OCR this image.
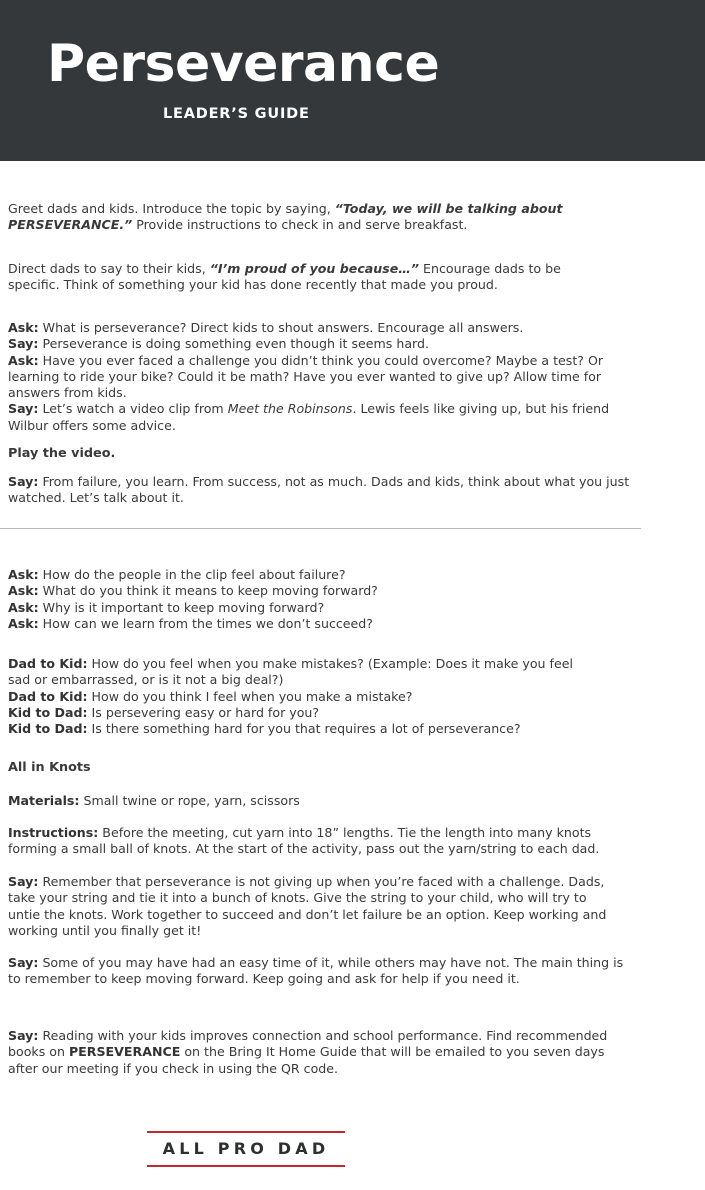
Perseverance
LEADER’S GUIDE

Greet dads and kids. Introduce the topic by saying, “Today, we will be talking about
PERSEVERANCE.” Provide instructions to check in and serve breakfast.

Direct dads to say to their kids, “I’m proud of you because…” Encourage dads to be
specific. Think of something your kid has done recently that made you proud.

Ask: What is perseverance? Direct kids to shout answers. Encourage all answers.
Say: Perseverance is doing something even though it seems hard.
Ask: Have you ever faced a challenge you didn’t think you could overcome? Maybe a test? Or
learning to ride your bike? Could it be math? Have you ever wanted to give up? Allow time for
answers from kids.
Say: Let’s watch a video clip from Meet the Robinsons. Lewis feels like giving up, but his friend
Wilbur offers some advice.

Play the video.

Say: From failure, you learn. From success, not as much. Dads and kids, think about what you just
watched. Let’s talk about it.

Ask: How do the people in the clip feel about failure?
Ask: What do you think it means to keep moving forward?
Ask: Why is it important to keep moving forward?
Ask: How can we learn from the times we don’t succeed?

Dad to Kid: How do you feel when you make mistakes? (Example: Does it make you feel
sad or embarrassed, or is it not a big deal?)
Dad to Kid: How do you think I feel when you make a mistake?
Kid to Dad: Is persevering easy or hard for you?
Kid to Dad: Is there something hard for you that requires a lot of perseverance?

All in Knots

Materials: Small twine or rope, yarn, scissors

Instructions: Before the meeting, cut yarn into 18” lengths. Tie the length into many knots
forming a small ball of knots. At the start of the activity, pass out the yarn/string to each dad.

Say: Remember that perseverance is not giving up when you’re faced with a challenge. Dads,
take your string and tie it into a bunch of knots. Give the string to your child, who will try to
untie the knots. Work together to succeed and don’t let failure be an option. Keep working and
working until you finally get it!

Say: Some of you may have had an easy time of it, while others may have not. The main thing is
to remember to keep moving forward. Keep going and ask for help if you need it.

Say: Reading with your kids improves connection and school performance. Find recommended
books on PERSEVERANCE on the Bring It Home Guide that will be emailed to you seven days
after our meeting if you check in using the QR code.

ALL PRO DAD
